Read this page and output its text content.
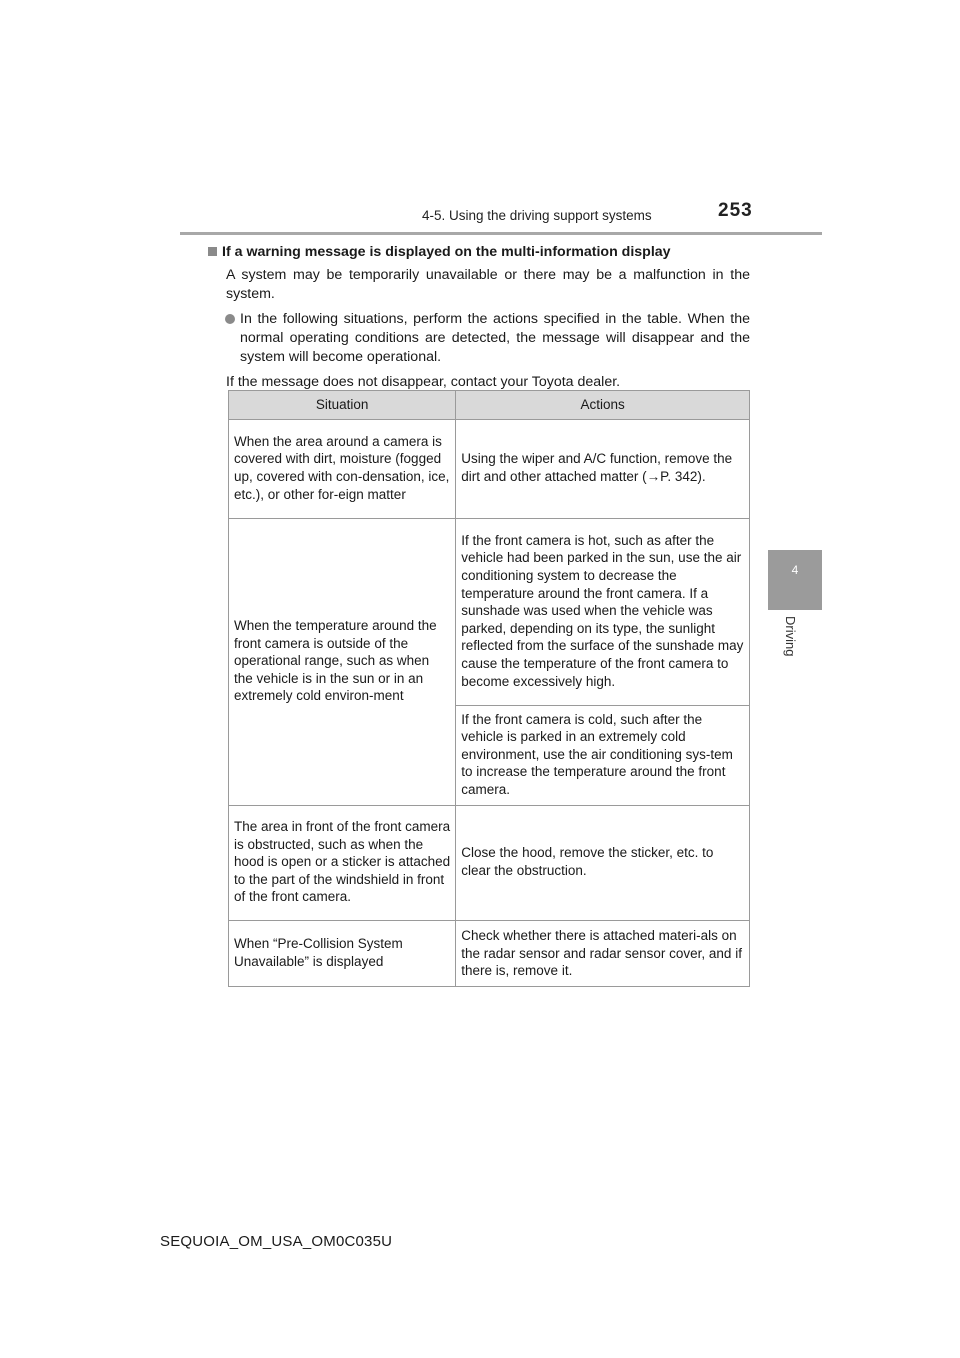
4-5. Using the driving support systems	253
4
Driving
If a warning message is displayed on the multi-information display
A system may be temporarily unavailable or there may be a malfunction in the system.
In the following situations, perform the actions specified in the table. When the normal operating conditions are detected, the message will disappear and the system will become operational.
If the message does not disappear, contact your Toyota dealer.
Situation	Actions
When the area around a camera is covered with dirt, moisture (fogged up, covered with con-densation, ice, etc.), or other for-eign matter	Using the wiper and A/C function, remove the dirt and other attached matter (→P. 342).
When the temperature around the front camera is outside of the operational range, such as when the vehicle is in the sun or in an extremely cold environ-ment	If the front camera is hot, such as after the vehicle had been parked in the sun, use the air conditioning system to decrease the temperature around the front camera. If a sunshade was used when the vehicle was parked, depending on its type, the sunlight reflected from the surface of the sunshade may cause the temperature of the front camera to become excessively high.
	If the front camera is cold, such after the vehicle is parked in an extremely cold environment, use the air conditioning sys-tem to increase the temperature around the front camera.
The area in front of the front camera is obstructed, such as when the hood is open or a sticker is attached to the part of the windshield in front of the front camera.	Close the hood, remove the sticker, etc. to clear the obstruction.
When “Pre-Collision System Unavailable” is displayed	Check whether there is attached materi-als on the radar sensor and radar sensor cover, and if there is, remove it.
SEQUOIA_OM_USA_OM0C035U
